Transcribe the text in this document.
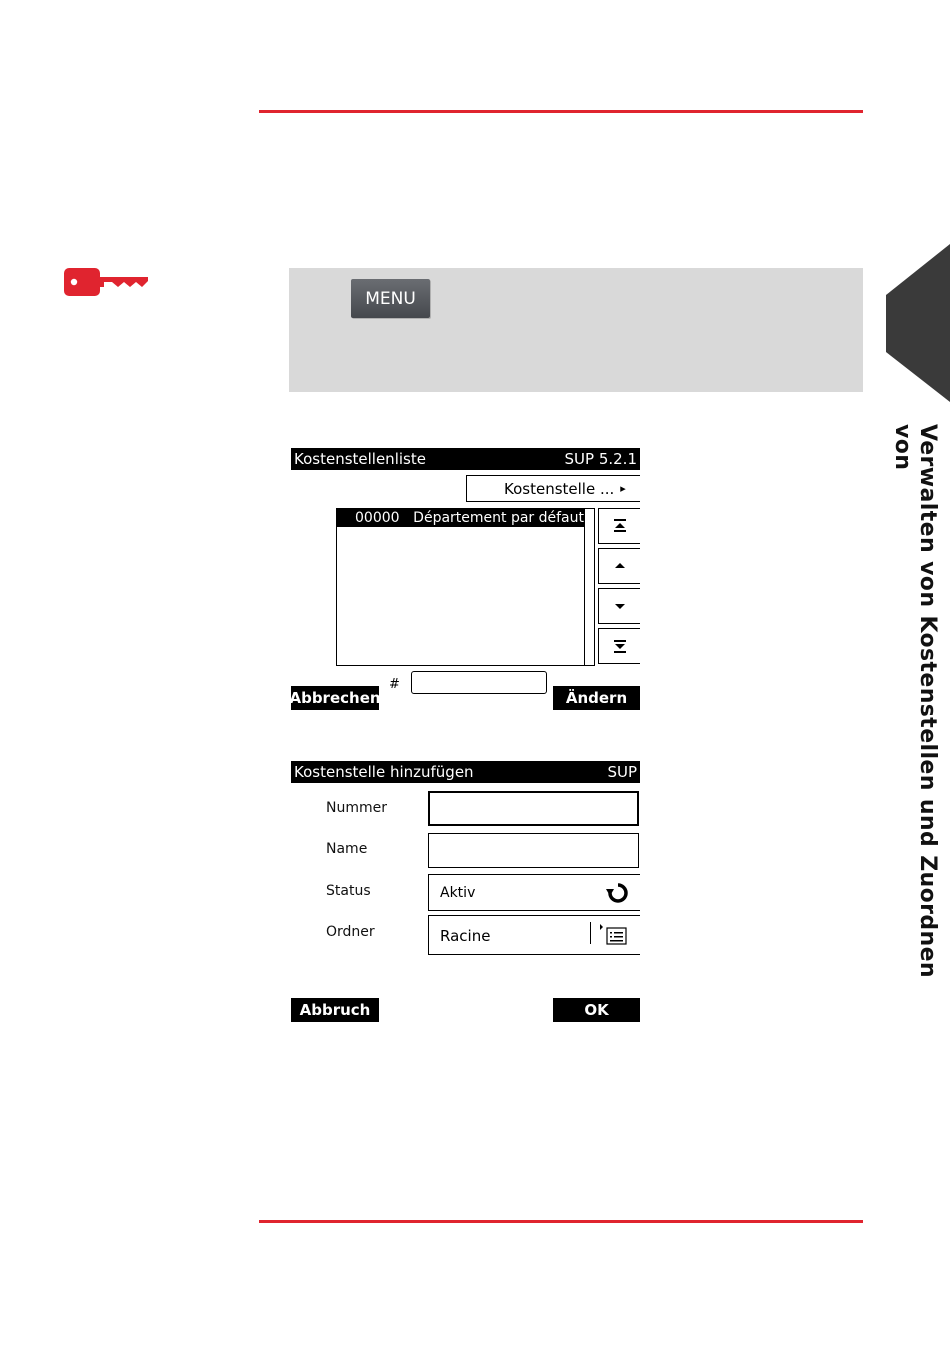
MENU
Verwalten von Kostenstellen und Zuordnen von
Kostenstellenliste	SUP 5.2.1
Kostenstelle ... ▸
00000 Département par défaut
#
Abbrechen	Ändern
Kostenstelle hinzufügen	SUP
Nummer
Name
Status	Aktiv
Ordner	Racine
Abbruch	OK
